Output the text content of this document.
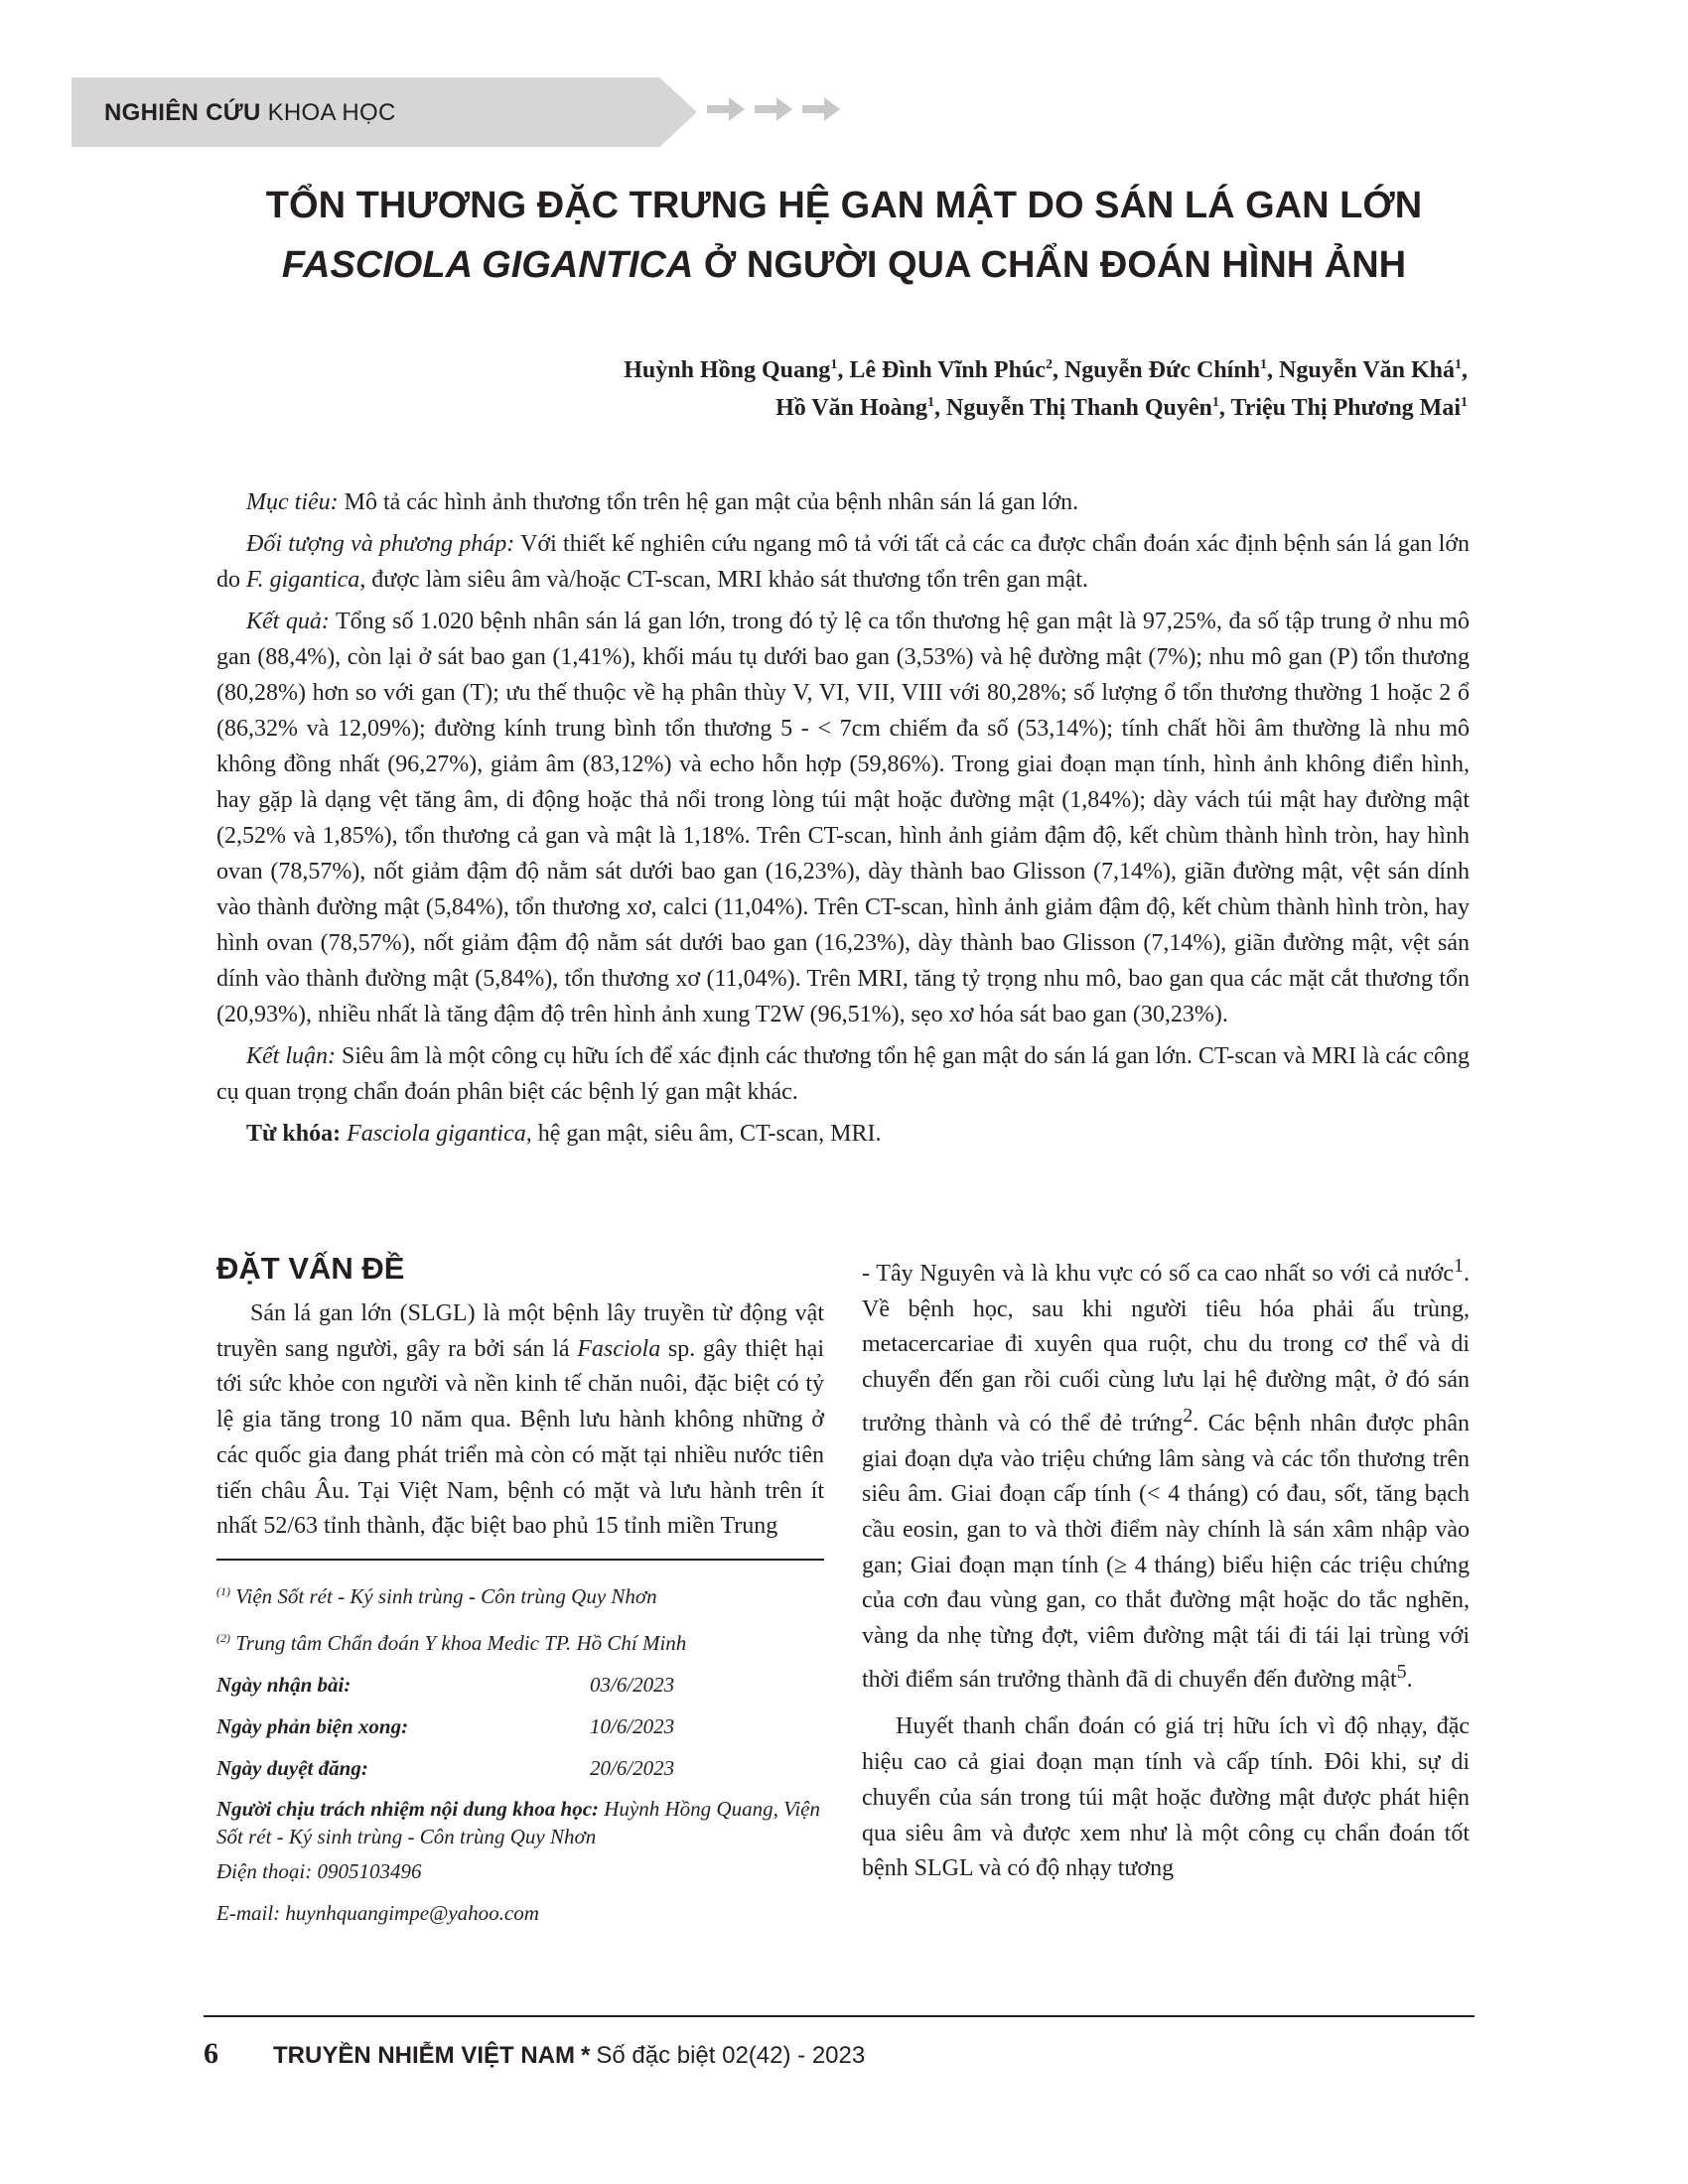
NGHIÊN CỨU KHOA HỌC
TỔN THƯƠNG ĐẶC TRƯNG HỆ GAN MẬT DO SÁN LÁ GAN LỚN
FASCIOLA GIGANTICA Ở NGƯỜI QUA CHẨN ĐOÁN HÌNH ẢNH
Huỳnh Hồng Quang$^1$, Lê Đình Vĩnh Phúc$^2$, Nguyễn Đức Chính$^1$, Nguyễn Văn Khá$^1$,
Hồ Văn Hoàng$^1$, Nguyễn Thị Thanh Quyên$^1$, Triệu Thị Phương Mai$^1$

Mục tiêu: Mô tả các hình ảnh thương tổn trên hệ gan mật của bệnh nhân sán lá gan lớn.

Đối tượng và phương pháp: Với thiết kế nghiên cứu ngang mô tả với tất cả các ca được chẩn đoán xác định bệnh sán lá gan lớn do F. gigantica, được làm siêu âm và/hoặc CT-scan, MRI khảo sát thương tổn trên gan mật.

Kết quả: Tổng số 1.020 bệnh nhân sán lá gan lớn, trong đó tỷ lệ ca tổn thương hệ gan mật là 97,25%, đa số tập trung ở nhu mô gan (88,4%), còn lại ở sát bao gan (1,41%), khối máu tụ dưới bao gan (3,53%) và hệ đường mật (7%); nhu mô gan (P) tổn thương (80,28%) hơn so với gan (T); ưu thế thuộc về hạ phân thùy V, VI, VII, VIII với 80,28%; số lượng ổ tổn thương thường 1 hoặc 2 ổ (86,32% và 12,09%); đường kính trung bình tổn thương 5 - < 7cm chiếm đa số (53,14%); tính chất hồi âm thường là nhu mô không đồng nhất (96,27%), giảm âm (83,12%) và echo hỗn hợp (59,86%). Trong giai đoạn mạn tính, hình ảnh không điển hình, hay gặp là dạng vệt tăng âm, di động hoặc thả nổi trong lòng túi mật hoặc đường mật (1,84%); dày vách túi mật hay đường mật (2,52% và 1,85%), tổn thương cả gan và mật là 1,18%. Trên CT-scan, hình ảnh giảm đậm độ, kết chùm thành hình tròn, hay hình ovan (78,57%), nốt giảm đậm độ nằm sát dưới bao gan (16,23%), dày thành bao Glisson (7,14%), giãn đường mật, vệt sán dính vào thành đường mật (5,84%), tổn thương xơ, calci (11,04%). Trên CT-scan, hình ảnh giảm đậm độ, kết chùm thành hình tròn, hay hình ovan (78,57%), nốt giảm đậm độ nằm sát dưới bao gan (16,23%), dày thành bao Glisson (7,14%), giãn đường mật, vệt sán dính vào thành đường mật (5,84%), tổn thương xơ (11,04%). Trên MRI, tăng tỷ trọng nhu mô, bao gan qua các mặt cắt thương tổn (20,93%), nhiều nhất là tăng đậm độ trên hình ảnh xung T2W (96,51%), sẹo xơ hóa sát bao gan (30,23%).

Kết luận: Siêu âm là một công cụ hữu ích để xác định các thương tổn hệ gan mật do sán lá gan lớn. CT-scan và MRI là các công cụ quan trọng chẩn đoán phân biệt các bệnh lý gan mật khác.

Từ khóa: Fasciola gigantica, hệ gan mật, siêu âm, CT-scan, MRI.

ĐẶT VẤN ĐỀ

Sán lá gan lớn (SLGL) là một bệnh lây truyền từ động vật truyền sang người, gây ra bởi sán lá Fasciola sp. gây thiệt hại tới sức khỏe con người và nền kinh tế chăn nuôi, đặc biệt có tỷ lệ gia tăng trong 10 năm qua. Bệnh lưu hành không những ở các quốc gia đang phát triển mà còn có mặt tại nhiều nước tiên tiến châu Âu. Tại Việt Nam, bệnh có mặt và lưu hành trên ít nhất 52/63 tỉnh thành, đặc biệt bao phủ 15 tỉnh miền Trung

$^{(1)}$ Viện Sốt rét - Ký sinh trùng - Côn trùng Quy Nhơn

$^{(2)}$ Trung tâm Chẩn đoán Y khoa Medic TP. Hồ Chí Minh

Ngày nhận bài:	03/6/2023
Ngày phản biện xong:	10/6/2023
Ngày duyệt đăng:	20/6/2023

Người chịu trách nhiệm nội dung khoa học: Huỳnh Hồng Quang, Viện Sốt rét - Ký sinh trùng - Côn trùng Quy Nhơn

Điện thoại: 0905103496

E-mail: huynhquangimpe@yahoo.com

- Tây Nguyên và là khu vực có số ca cao nhất so với cả nước$^1$. Về bệnh học, sau khi người tiêu hóa phải ấu trùng, metacercariae đi xuyên qua ruột, chu du trong cơ thể và di chuyển đến gan rồi cuối cùng lưu lại hệ đường mật, ở đó sán trưởng thành và có thể đẻ trứng$^2$. Các bệnh nhân được phân giai đoạn dựa vào triệu chứng lâm sàng và các tổn thương trên siêu âm. Giai đoạn cấp tính (< 4 tháng) có đau, sốt, tăng bạch cầu eosin, gan to và thời điểm này chính là sán xâm nhập vào gan; Giai đoạn mạn tính (≥ 4 tháng) biểu hiện các triệu chứng của cơn đau vùng gan, co thắt đường mật hoặc do tắc nghẽn, vàng da nhẹ từng đợt, viêm đường mật tái đi tái lại trùng với thời điểm sán trưởng thành đã di chuyển đến đường mật$^5$.

Huyết thanh chẩn đoán có giá trị hữu ích vì độ nhạy, đặc hiệu cao cả giai đoạn mạn tính và cấp tính. Đôi khi, sự di chuyển của sán trong túi mật hoặc đường mật được phát hiện qua siêu âm và được xem như là một công cụ chẩn đoán tốt bệnh SLGL và có độ nhạy tương

6	TRUYỀN NHIỄM VIỆT NAM * Số đặc biệt 02(42) - 2023
